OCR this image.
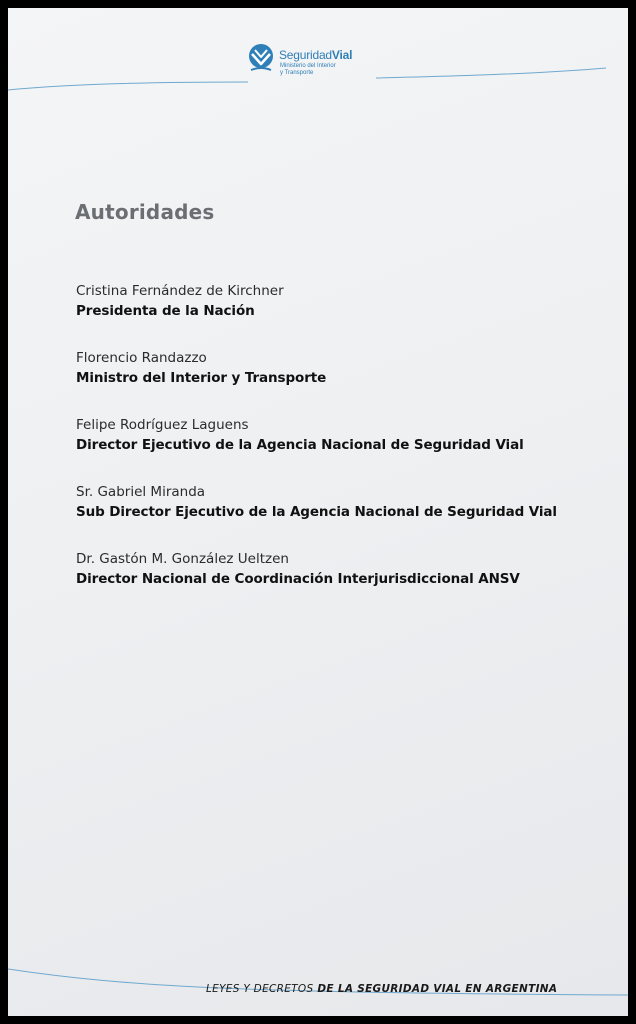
SeguridadVial
Ministerio del Interior
y Transporte
Autoridades
Cristina Fernández de Kirchner
Presidenta de la Nación
Florencio Randazzo
Ministro del Interior y Transporte
Felipe Rodríguez Laguens
Director Ejecutivo de la Agencia Nacional de Seguridad Vial
Sr. Gabriel Miranda
Sub Director Ejecutivo de la Agencia Nacional de Seguridad Vial
Dr. Gastón M. González Ueltzen
Director Nacional de Coordinación Interjurisdiccional ANSV
LEYES Y DECRETOS DE LA SEGURIDAD VIAL EN ARGENTINA
